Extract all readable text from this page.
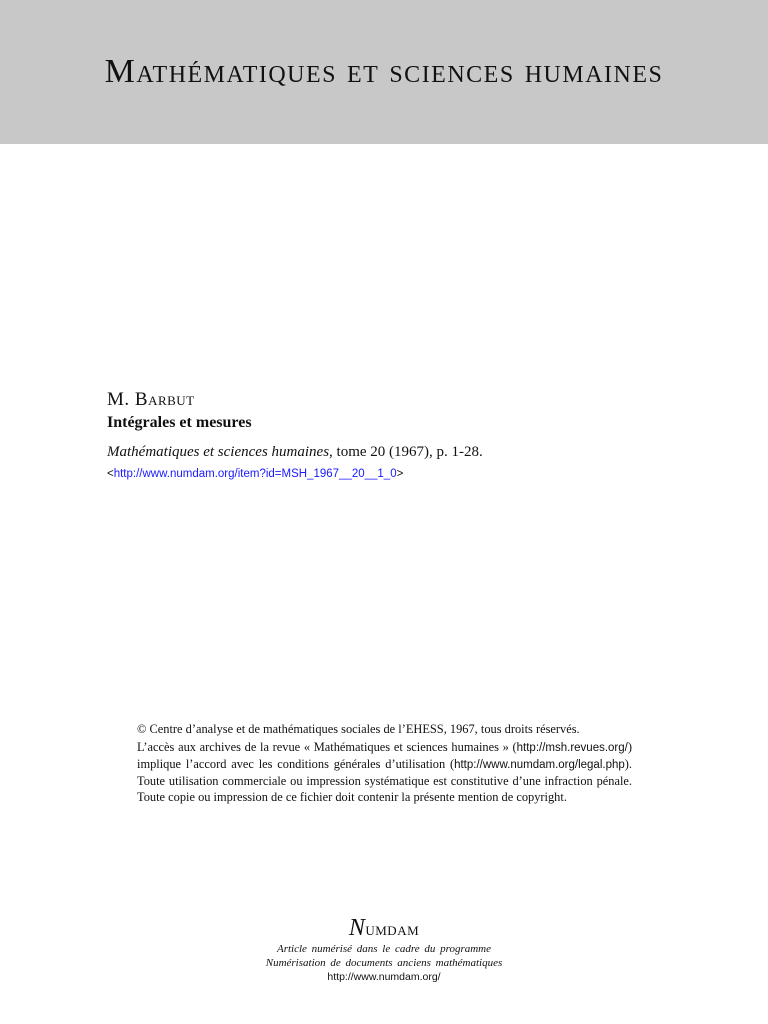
Mathématiques et sciences humaines
M. Barbut
Intégrales et mesures
Mathématiques et sciences humaines, tome 20 (1967), p. 1-28.
<http://www.numdam.org/item?id=MSH_1967__20__1_0>
© Centre d’analyse et de mathématiques sociales de l’EHESS, 1967, tous droits réservés.
L’accès aux archives de la revue « Mathématiques et sciences humaines » (http://msh.revues.org/) implique l’accord avec les conditions générales d’utilisation (http://www.numdam.org/legal.php). Toute utilisation commerciale ou impression systématique est constitutive d’une infraction pénale. Toute copie ou impression de ce fichier doit contenir la présente mention de copyright.
Numdam
Article numérisé dans le cadre du programme
Numérisation de documents anciens mathématiques
http://www.numdam.org/
